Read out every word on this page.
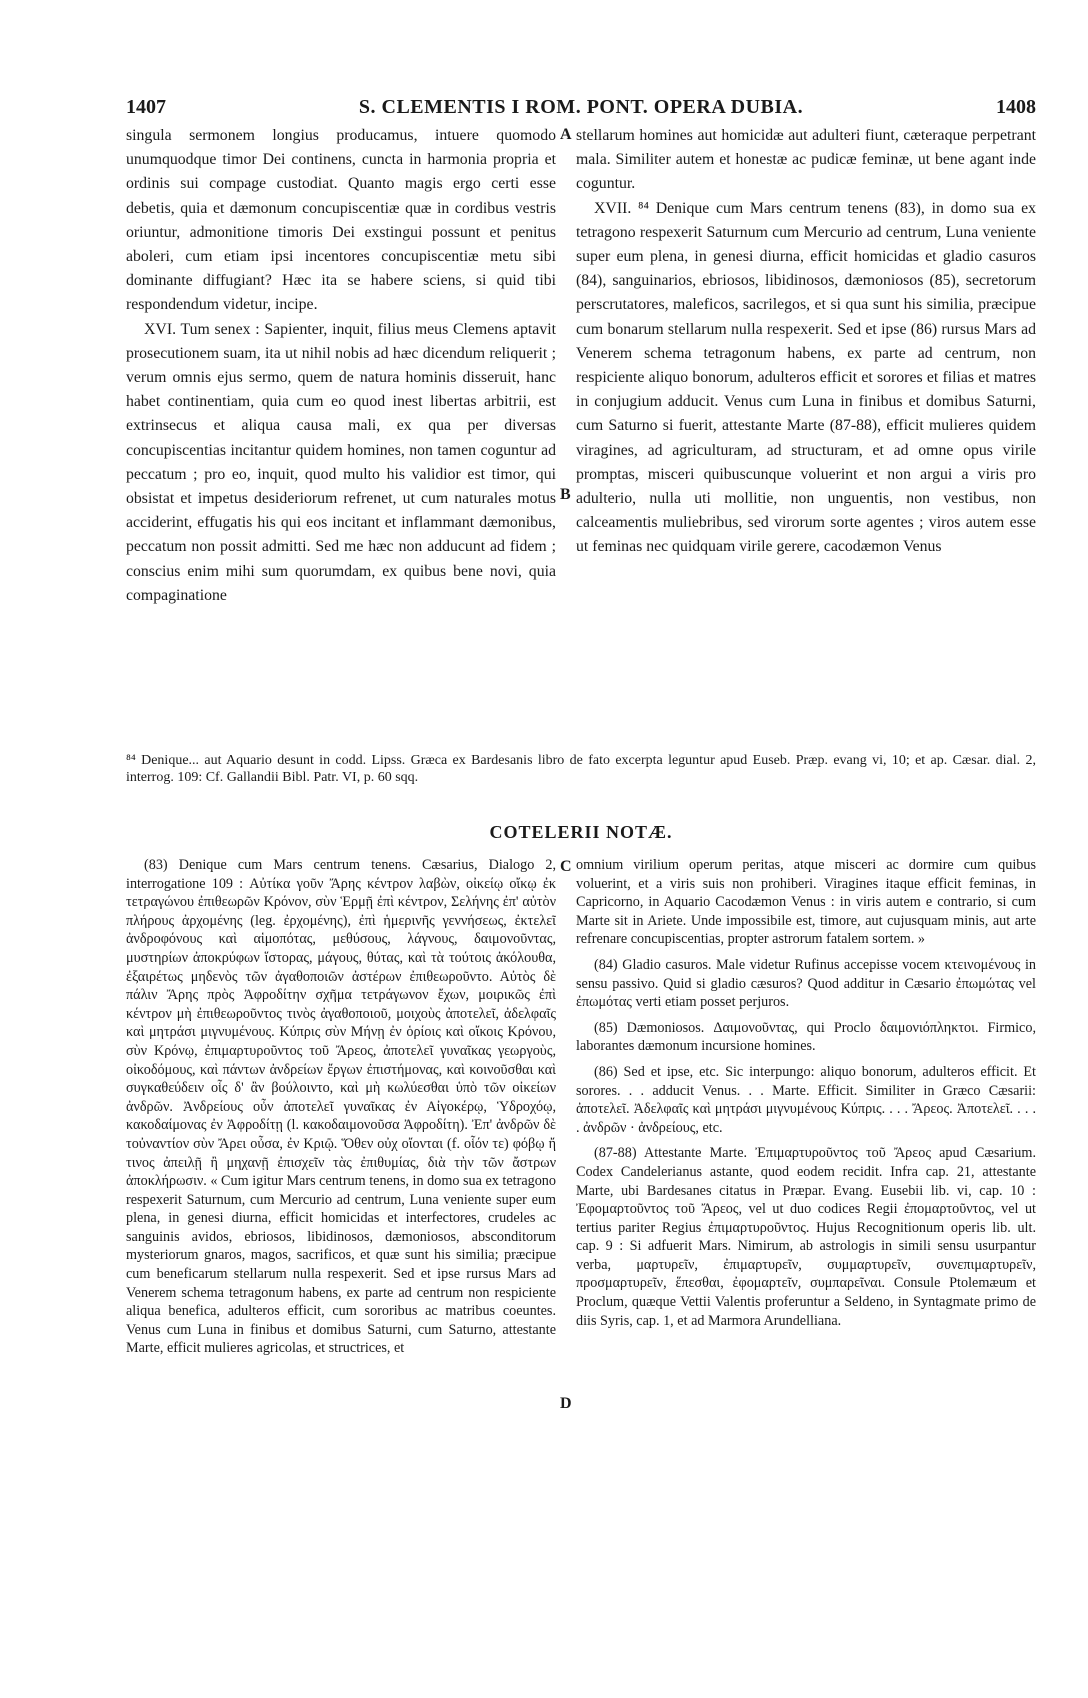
1407	S. CLEMENTIS I ROM. PONT. OPERA DUBIA.	1408

singula sermonem longius producamus, intuere quomodo unumquodque timor Dei continens, cuncta in harmonia propria et ordinis sui compage custodiat. Quanto magis ergo certi esse debetis, quia et dæmonum concupiscentiæ quæ in cordibus vestris oriuntur, admonitione timoris Dei exstingui possunt et penitus aboleri, cum etiam ipsi incentores concupiscentiæ metu sibi dominante diffugiant? Hæc ita se habere sciens, si quid tibi respondendum videtur, incipe.

XVI. Tum senex : Sapienter, inquit, filius meus Clemens aptavit prosecutionem suam, ita ut nihil nobis ad hæc dicendum reliquerit ; verum omnis ejus sermo, quem de natura hominis disseruit, hanc habet continentiam, quia cum eo quod inest libertas arbitrii, est extrinsecus et aliqua causa mali, ex qua per diversas concupiscentias incitantur quidem homines, non tamen coguntur ad peccatum ; pro eo, inquit, quod multo his validior est timor, qui obsistat et impetus desideriorum refrenet, ut cum naturales motus acciderint, effugatis his qui eos incitant et inflammant dæmonibus, peccatum non possit admitti. Sed me hæc non adducunt ad fidem ; conscius enim mihi sum quorumdam, ex quibus bene novi, quia compaginatione

A
B

stellarum homines aut homicidæ aut adulteri fiunt, cæteraque perpetrant mala. Similiter autem et honestæ ac pudicæ feminæ, ut bene agant inde coguntur.

XVII. ⁸⁴ Denique cum Mars centrum tenens (83), in domo sua ex tetragono respexerit Saturnum cum Mercurio ad centrum, Luna veniente super eum plena, in genesi diurna, efficit homicidas et gladio casuros (84), sanguinarios, ebriosos, libidinosos, dæmoniosos (85), secretorum perscrutatores, maleficos, sacrilegos, et si qua sunt his similia, præcipue cum bonarum stellarum nulla respexerit. Sed et ipse (86) rursus Mars ad Venerem schema tetragonum habens, ex parte ad centrum, non respiciente aliquo bonorum, adulteros efficit et sorores et filias et matres in conjugium adducit. Venus cum Luna in finibus et domibus Saturni, cum Saturno si fuerit, attestante Marte (87-88), efficit mulieres quidem viragines, ad agriculturam, ad structuram, et ad omne opus virile promptas, misceri quibuscunque voluerint et non argui a viris pro adulterio, nulla uti mollitie, non unguentis, non vestibus, non calceamentis muliebribus, sed virorum sorte agentes ; viros autem esse ut feminas nec quidquam virile gerere, cacodæmon Venus

⁸⁴ Denique... aut Aquario desunt in codd. Lipss. Græca ex Bardesanis libro de fato excerpta leguntur apud Euseb. Præp. evang vi, 10; et ap. Cæsar. dial. 2, interrog. 109: Cf. Gallandii Bibl. Patr. VI, p. 60 sqq.
COTELERII NOTÆ.

(83) Denique cum Mars centrum tenens. Cæsarius, Dialogo 2, interrogatione 109 : Αὐτίκα γοῦν Ἄρης κέντρον λαβὼν, οἰκείῳ οἴκῳ ἐκ τετραγώνου ἐπιθεωρῶν Κρόνον, σὺν Ἑρμῇ ἐπὶ κέντρον, Σελήνης ἐπ' αὐτὸν πλήρους ἀρχομένης (leg. ἐρχομένης), ἐπὶ ἡμερινῆς γεννήσεως, ἐκτελεῖ ἀνδροφόνους καὶ αἱμοπότας, μεθύσους, λάγνους, δαιμονοῦντας, μυστηρίων ἀποκρύφων ἵστορας, μάγους, θύτας, καὶ τὰ τούτοις ἀκόλουθα, ἐξαιρέτως μηδενὸς τῶν ἀγαθοποιῶν ἀστέρων ἐπιθεωροῦντο. Αὐτὸς δὲ πάλιν Ἄρης πρὸς Ἀφροδίτην σχῆμα τετράγωνον ἔχων, μοιρικῶς ἐπὶ κέντρον μὴ ἐπιθεωροῦντος τινὸς ἀγαθοποιοῦ, μοιχοὺς ἀποτελεῖ, ἀδελφαῖς καὶ μητράσι μιγνυμένους. Κύπρις σὺν Μήνῃ ἐν ὁρίοις καὶ οἴκοις Κρόνου, σὺν Κρόνῳ, ἐπιμαρτυροῦντος τοῦ Ἄρεος, ἀποτελεῖ γυναῖκας γεωργοὺς, οἰκοδόμους, καὶ πάντων ἀνδρείων ἔργων ἐπιστήμονας, καὶ κοινοῦσθαι καὶ συγκαθεύδειν οἷς δ' ἂν βούλοιντο, καὶ μὴ κωλύεσθαι ὑπὸ τῶν οἰκείων ἀνδρῶν. Ἀνδρείους οὖν ἀποτελεῖ γυναῖκας ἐν Αἰγοκέρῳ, Ὑδροχόῳ, κακοδαίμονας ἐν Ἀφροδίτῃ (l. κακοδαιμονοῦσα Ἀφροδίτη). Ἐπ' ἀνδρῶν δὲ τοὐναντίον σὺν Ἄρει οὖσα, ἐν Κριῷ. Ὅθεν οὐχ οἴονται (f. οἷόν τε) φόβῳ ἤ τινος ἀπειλῇ ἢ μηχανῇ ἐπισχεῖν τὰς ἐπιθυμίας, διὰ τὴν τῶν ἄστρων ἀποκλήρωσιν. « Cum igitur Mars centrum tenens, in domo sua ex tetragono respexerit Saturnum, cum Mercurio ad centrum, Luna veniente super eum plena, in genesi diurna, efficit homicidas et interfectores, crudeles ac sanguinis avidos, ebriosos, libidinosos, dæmoniosos, absconditorum mysteriorum gnaros, magos, sacrificos, et quæ sunt his similia; præcipue cum beneficarum stellarum nulla respexerit. Sed et ipse rursus Mars ad Venerem schema tetragonum habens, ex parte ad centrum non respiciente aliqua benefica, adulteros efficit, cum sororibus ac matribus coeuntes. Venus cum Luna in finibus et domibus Saturni, cum Saturno, attestante Marte, efficit mulieres agricolas, et structrices, et

C
D

omnium virilium operum peritas, atque misceri ac dormire cum quibus voluerint, et a viris suis non prohiberi. Viragines itaque efficit feminas, in Capricorno, in Aquario Cacodæmon Venus : in viris autem e contrario, si cum Marte sit in Ariete. Unde impossibile est, timore, aut cujusquam minis, aut arte refrenare concupiscentias, propter astrorum fatalem sortem. »

(84) Gladio casuros. Male videtur Rufinus accepisse vocem κτεινομένους in sensu passivo. Quid si gladio cæsuros? Quod additur in Cæsario ἐπωμώτας vel ἐπωμότας verti etiam posset perjuros.

(85) Dæmoniosos. Δαιμονοῦντας, qui Proclo δαιμονιόπληκτοι. Firmico, laborantes dæmonum incursione homines.

(86) Sed et ipse, etc. Sic interpungo: aliquo bonorum, adulteros efficit. Et sorores. . . adducit Venus. . . Marte. Efficit. Similiter in Græco Cæsarii: ἀποτελεῖ. Ἀδελφαῖς καὶ μητράσι μιγνυμένους Κύπρις. . . . Ἄρεος. Ἀποτελεῖ. . . . . ἀνδρῶν · ἀνδρείους, etc.

(87-88) Attestante Marte. Ἐπιμαρτυροῦντος τοῦ Ἄρεος apud Cæsarium. Codex Candelerianus astante, quod eodem recidit. Infra cap. 21, attestante Marte, ubi Bardesanes citatus in Præpar. Evang. Eusebii lib. vi, cap. 10 : Ἐφομαρτοῦντος τοῦ Ἄρεος, vel ut duo codices Regii ἐπομαρτοῦντος, vel ut tertius pariter Regius ἐπιμαρτυροῦντος. Hujus Recognitionum operis lib. ult. cap. 9 : Si adfuerit Mars. Nimirum, ab astrologis in simili sensu usurpantur verba, μαρτυρεῖν, ἐπιμαρτυρεῖν, συμμαρτυρεῖν, συνεπιμαρτυρεῖν, προσμαρτυρεῖν, ἕπεσθαι, ἐφομαρτεῖν, συμπαρεῖναι. Consule Ptolemæum et Proclum, quæque Vettii Valentis proferuntur a Seldeno, in Syntagmate primo de diis Syris, cap. 1, et ad Marmora Arundelliana.
